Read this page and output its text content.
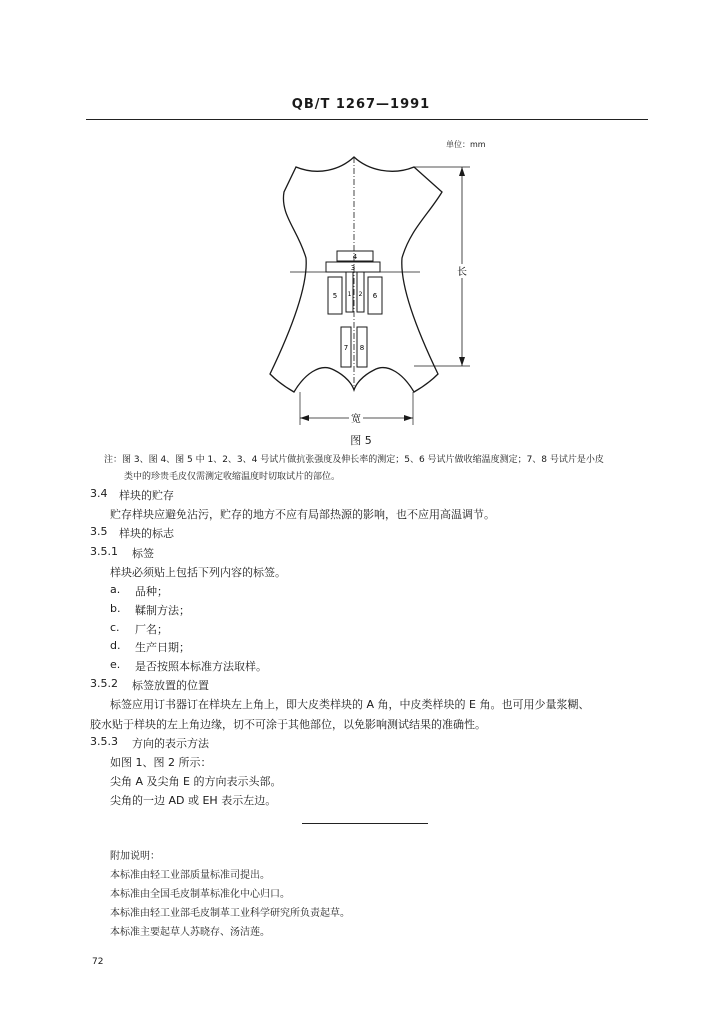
QB/T 1267—1991
单位：mm
长
宽
4
3
5 1 2 6
7 8
图 5
注：图 3、图 4、图 5 中 1、2、3、4 号试片做抗张强度及伸长率的测定；5、6 号试片做收缩温度测定；7、8 号试片是小皮
类中的珍贵毛皮仅需测定收缩温度时切取试片的部位。
3.4 样块的贮存
贮存样块应避免沾污，贮存的地方不应有局部热源的影响，也不应用高温调节。
3.5 样块的标志
3.5.1 标签
样块必须贴上包括下列内容的标签。
a. 品种；
b. 鞣制方法；
c. 厂名；
d. 生产日期；
e. 是否按照本标准方法取样。
3.5.2 标签放置的位置
标签应用订书器订在样块左上角上，即大皮类样块的 A 角，中皮类样块的 E 角。也可用少量浆糊、
胶水贴于样块的左上角边缘，切不可涂于其他部位，以免影响测试结果的准确性。
3.5.3 方向的表示方法
如图 1、图 2 所示：
尖角 A 及尖角 E 的方向表示头部。
尖角的一边 AD 或 EH 表示左边。
附加说明：
本标准由轻工业部质量标准司提出。
本标准由全国毛皮制革标准化中心归口。
本标准由轻工业部毛皮制革工业科学研究所负责起草。
本标准主要起草人苏晓存、汤洁莲。
72
